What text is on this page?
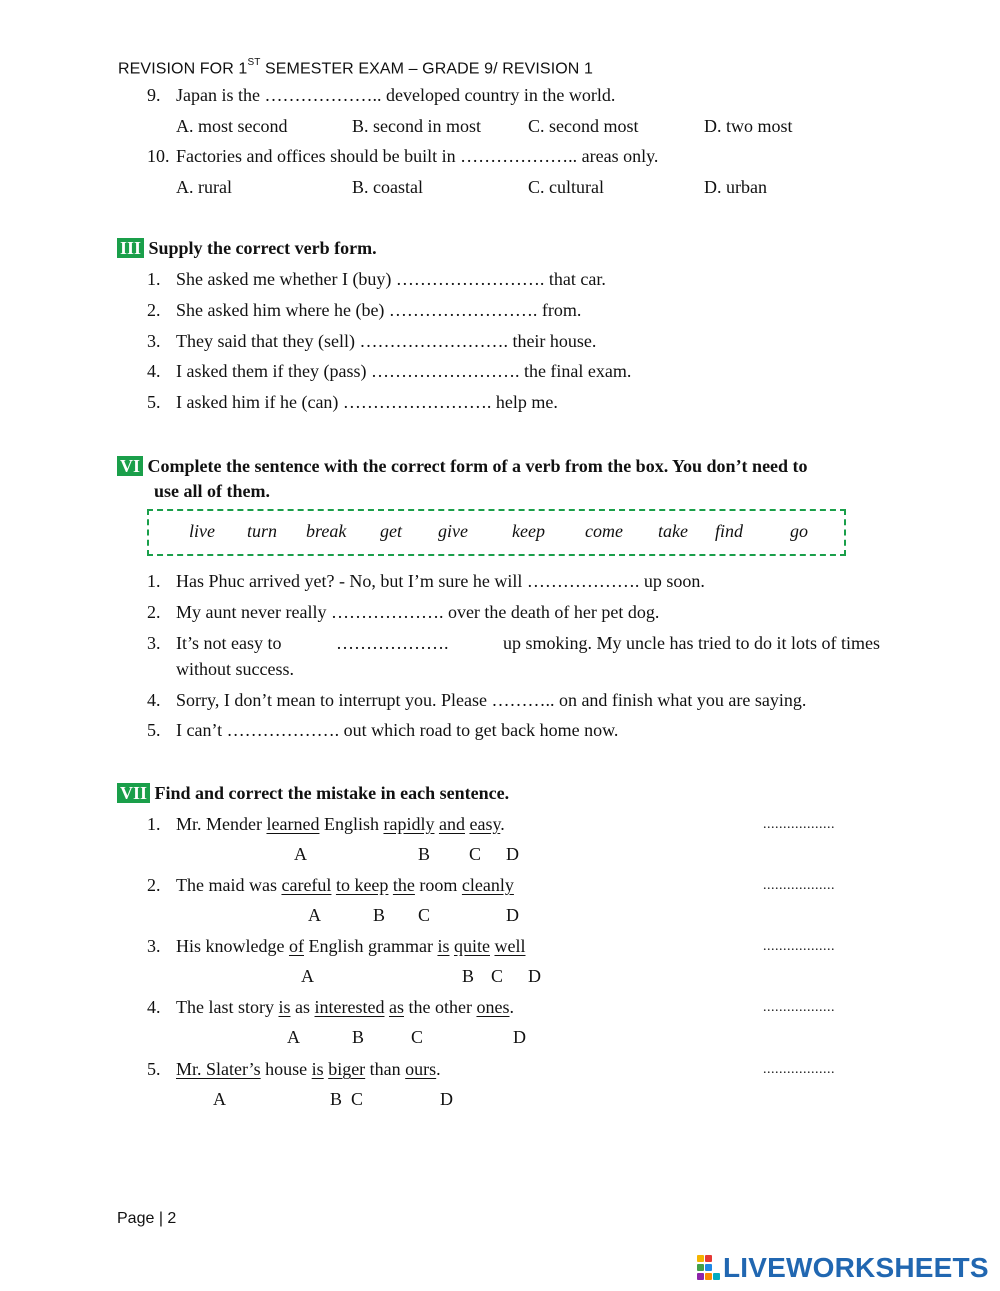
REVISION FOR 1ST SEMESTER EXAM – GRADE 9/ REVISION 1
9. Japan is the ……………….. developed country in the world.
A. most second	B. second in most	C. second most	D. two most
10. Factories and offices should be built in ……………….. areas only.
A. rural	B. coastal	C. cultural	D. urban
III Supply the correct verb form.
1. She asked me whether I (buy) ……………………. that car.
2. She asked him where he (be) ……………………. from.
3. They said that they (sell) ……………………. their house.
4. I asked them if they (pass) ……………………. the final exam.
5. I asked him if he (can) ……………………. help me.
VI Complete the sentence with the correct form of a verb from the box. You don’t need to
use all of them.
live turn break get give keep come take find	go
1. Has Phuc arrived yet? - No, but I’m sure he will ………………. up soon.
2. My aunt never really ………………. over the death of her pet dog.
3. It’s not easy to	……………….	up smoking. My uncle has tried to do it lots of times
without success.
4. Sorry, I don’t mean to interrupt you. Please ……….. on and finish what you are saying.
5. I can’t ………………. out which road to get back home now.
VII Find and correct the mistake in each sentence.
1. Mr. Mender learned English rapidly and easy.	..................
A	B C D
2. The maid was careful to keep the room cleanly	..................
A	B C	D
3. His knowledge of English grammar is quite well	..................
A	B C D
4. The last story is as interested as the other ones.	..................
A	B	C	D
5. Mr. Slater’s house is biger than ours.	..................
A	B C	D
Page | 2
LIVEWORKSHEETS
